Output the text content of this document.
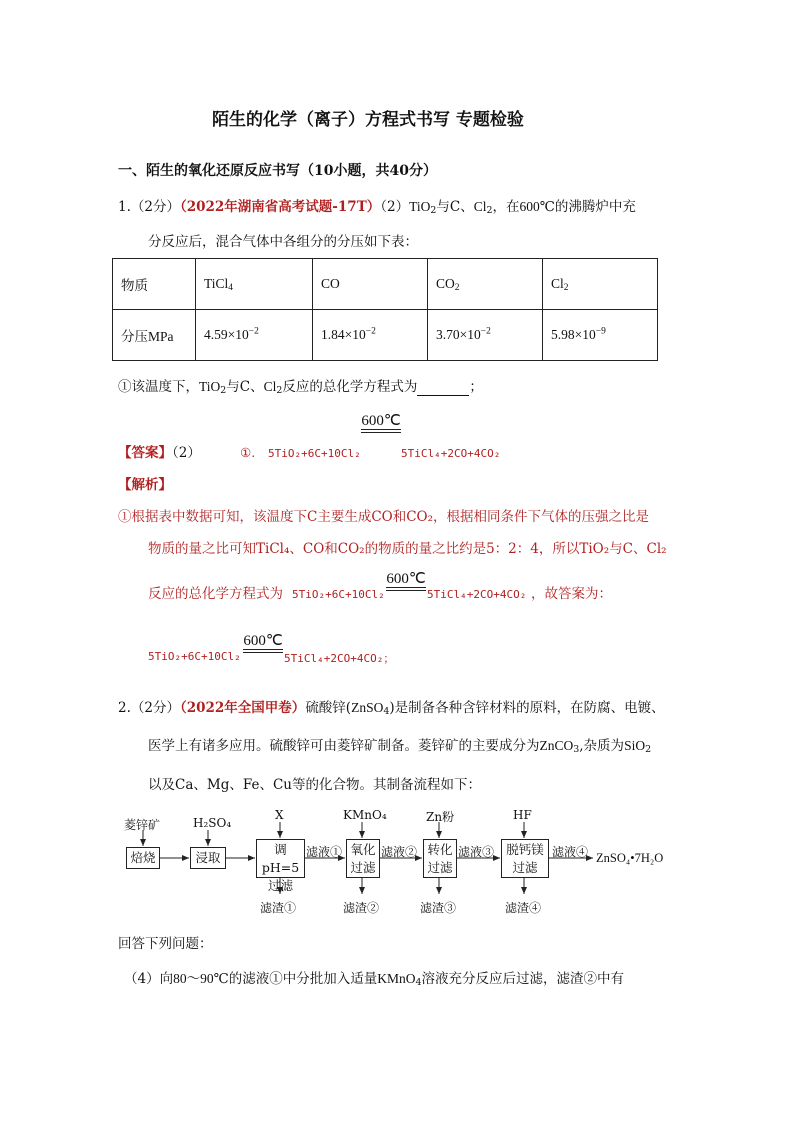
陌生的化学（离子）方程式书写 专题检验
一、陌生的氧化还原反应书写（10小题，共40分）
1.（2分）（2022年湖南省高考试题-17T）（2）TiO$_2$与C、$Cl_2$，在600℃的沸腾炉中充
分反应后，混合气体中各组分的分压如下表：
物质	TiCl$_4$	CO	$CO_2$	$Cl_2$
分压MPa	$4.59\times 10^{-2}$	$1.84\times 10^{-2}$	$3.70\times 10^{-2}$	$5.98\times 10^{-9}$
①该温度下，TiO$_2$与C、$Cl_2$反应的总化学方程式为	；
600℃
【答案】（2）	①. 5TiO₂+6C+10Cl₂	5TiCl₄+2CO+4CO₂
【解析】
①根据表中数据可知，该温度下C主要生成CO和CO₂，根据相同条件下气体的压强之比是
物质的量之比可知TiCl₄、CO和CO₂的物质的量之比约是5：2：4，所以TiO₂与C、Cl₂
反应的总化学方程式为 5TiO₂+6C+10Cl₂
600℃
5TiCl₄+2CO+4CO₂ ，故答案为：
5TiO₂+6C+10Cl₂
600℃
5TiCl₄+2CO+4CO₂；
2.（2分）（2022年全国甲卷）硫酸锌(ZnSO$_4$)是制备各种含锌材料的原料，在防腐、电镀、
医学上有诸多应用。硫酸锌可由菱锌矿制备。菱锌矿的主要成分为ZnCO$_3$,杂质为SiO$_2$
以及Ca、Mg、Fe、Cu等的化合物。其制备流程如下：
菱锌矿	H₂SO₄
X	KMnO₄	Zn粉	HF
焙烧	浸取
调pH=5
过滤
氧化
过滤
转化
过滤
脱钙镁
过滤
滤液①	滤液②	滤液③	滤液④ ZnSO₄•7H₂O
滤渣①	滤渣②	滤渣③	滤渣④
回答下列问题：
（4）向80～90℃的滤液①中分批加入适量KMnO$_4$溶液充分反应后过滤，滤渣②中有
